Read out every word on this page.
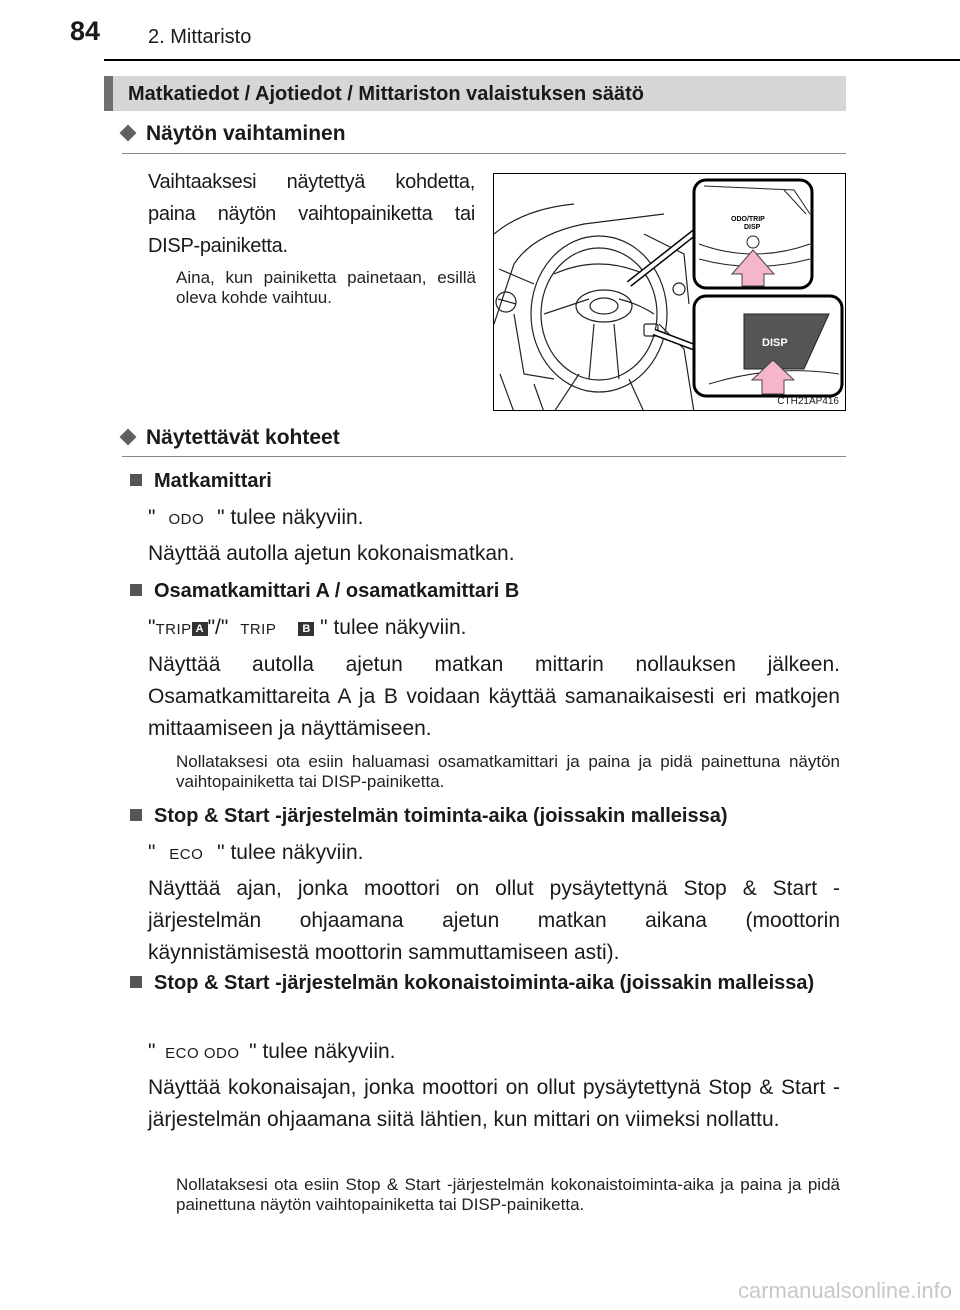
84 2. Mittaristo
Matkatiedot / Ajotiedot / Mittariston valaistuksen säätö
Näytön vaihtaminen
Vaihtaaksesi näytettyä kohdetta, paina näytön vaihtopainiketta tai DISP-painiketta.
Aina, kun painiketta painetaan, esillä oleva kohde vaihtuu.
ODO/TRIP
DISP
DISP
CTH21AP416
Näytettävät kohteet
Matkamittari
" ODO " tulee näkyviin.
Näyttää autolla ajetun kokonaismatkan.
Osamatkamittari A / osamatkamittari B
"TRIP A "/" TRIP B " tulee näkyviin.
Näyttää autolla ajetun matkan mittarin nollauksen jälkeen. Osamatkamittareita A ja B voidaan käyttää samanaikaisesti eri matkojen mittaamiseen ja näyttämiseen.
Nollataksesi ota esiin haluamasi osamatkamittari ja paina ja pidä painettuna näytön vaihtopainiketta tai DISP-painiketta.
Stop & Start -järjestelmän toiminta-aika (joissakin malleissa)
" ECO " tulee näkyviin.
Näyttää ajan, jonka moottori on ollut pysäytettynä Stop & Start -järjestelmän ohjaamana ajetun matkan aikana (moottorin käynnistämisestä moottorin sammuttamiseen asti).
Stop & Start -järjestelmän kokonaistoiminta-aika (joissakin malleissa)
" ECO ODO " tulee näkyviin.
Näyttää kokonaisajan, jonka moottori on ollut pysäytettynä Stop & Start -järjestelmän ohjaamana siitä lähtien, kun mittari on viimeksi nollattu.
Nollataksesi ota esiin Stop & Start -järjestelmän kokonaistoiminta-aika ja paina ja pidä painettuna näytön vaihtopainiketta tai DISP-painiketta.
carmanualsonline.info
